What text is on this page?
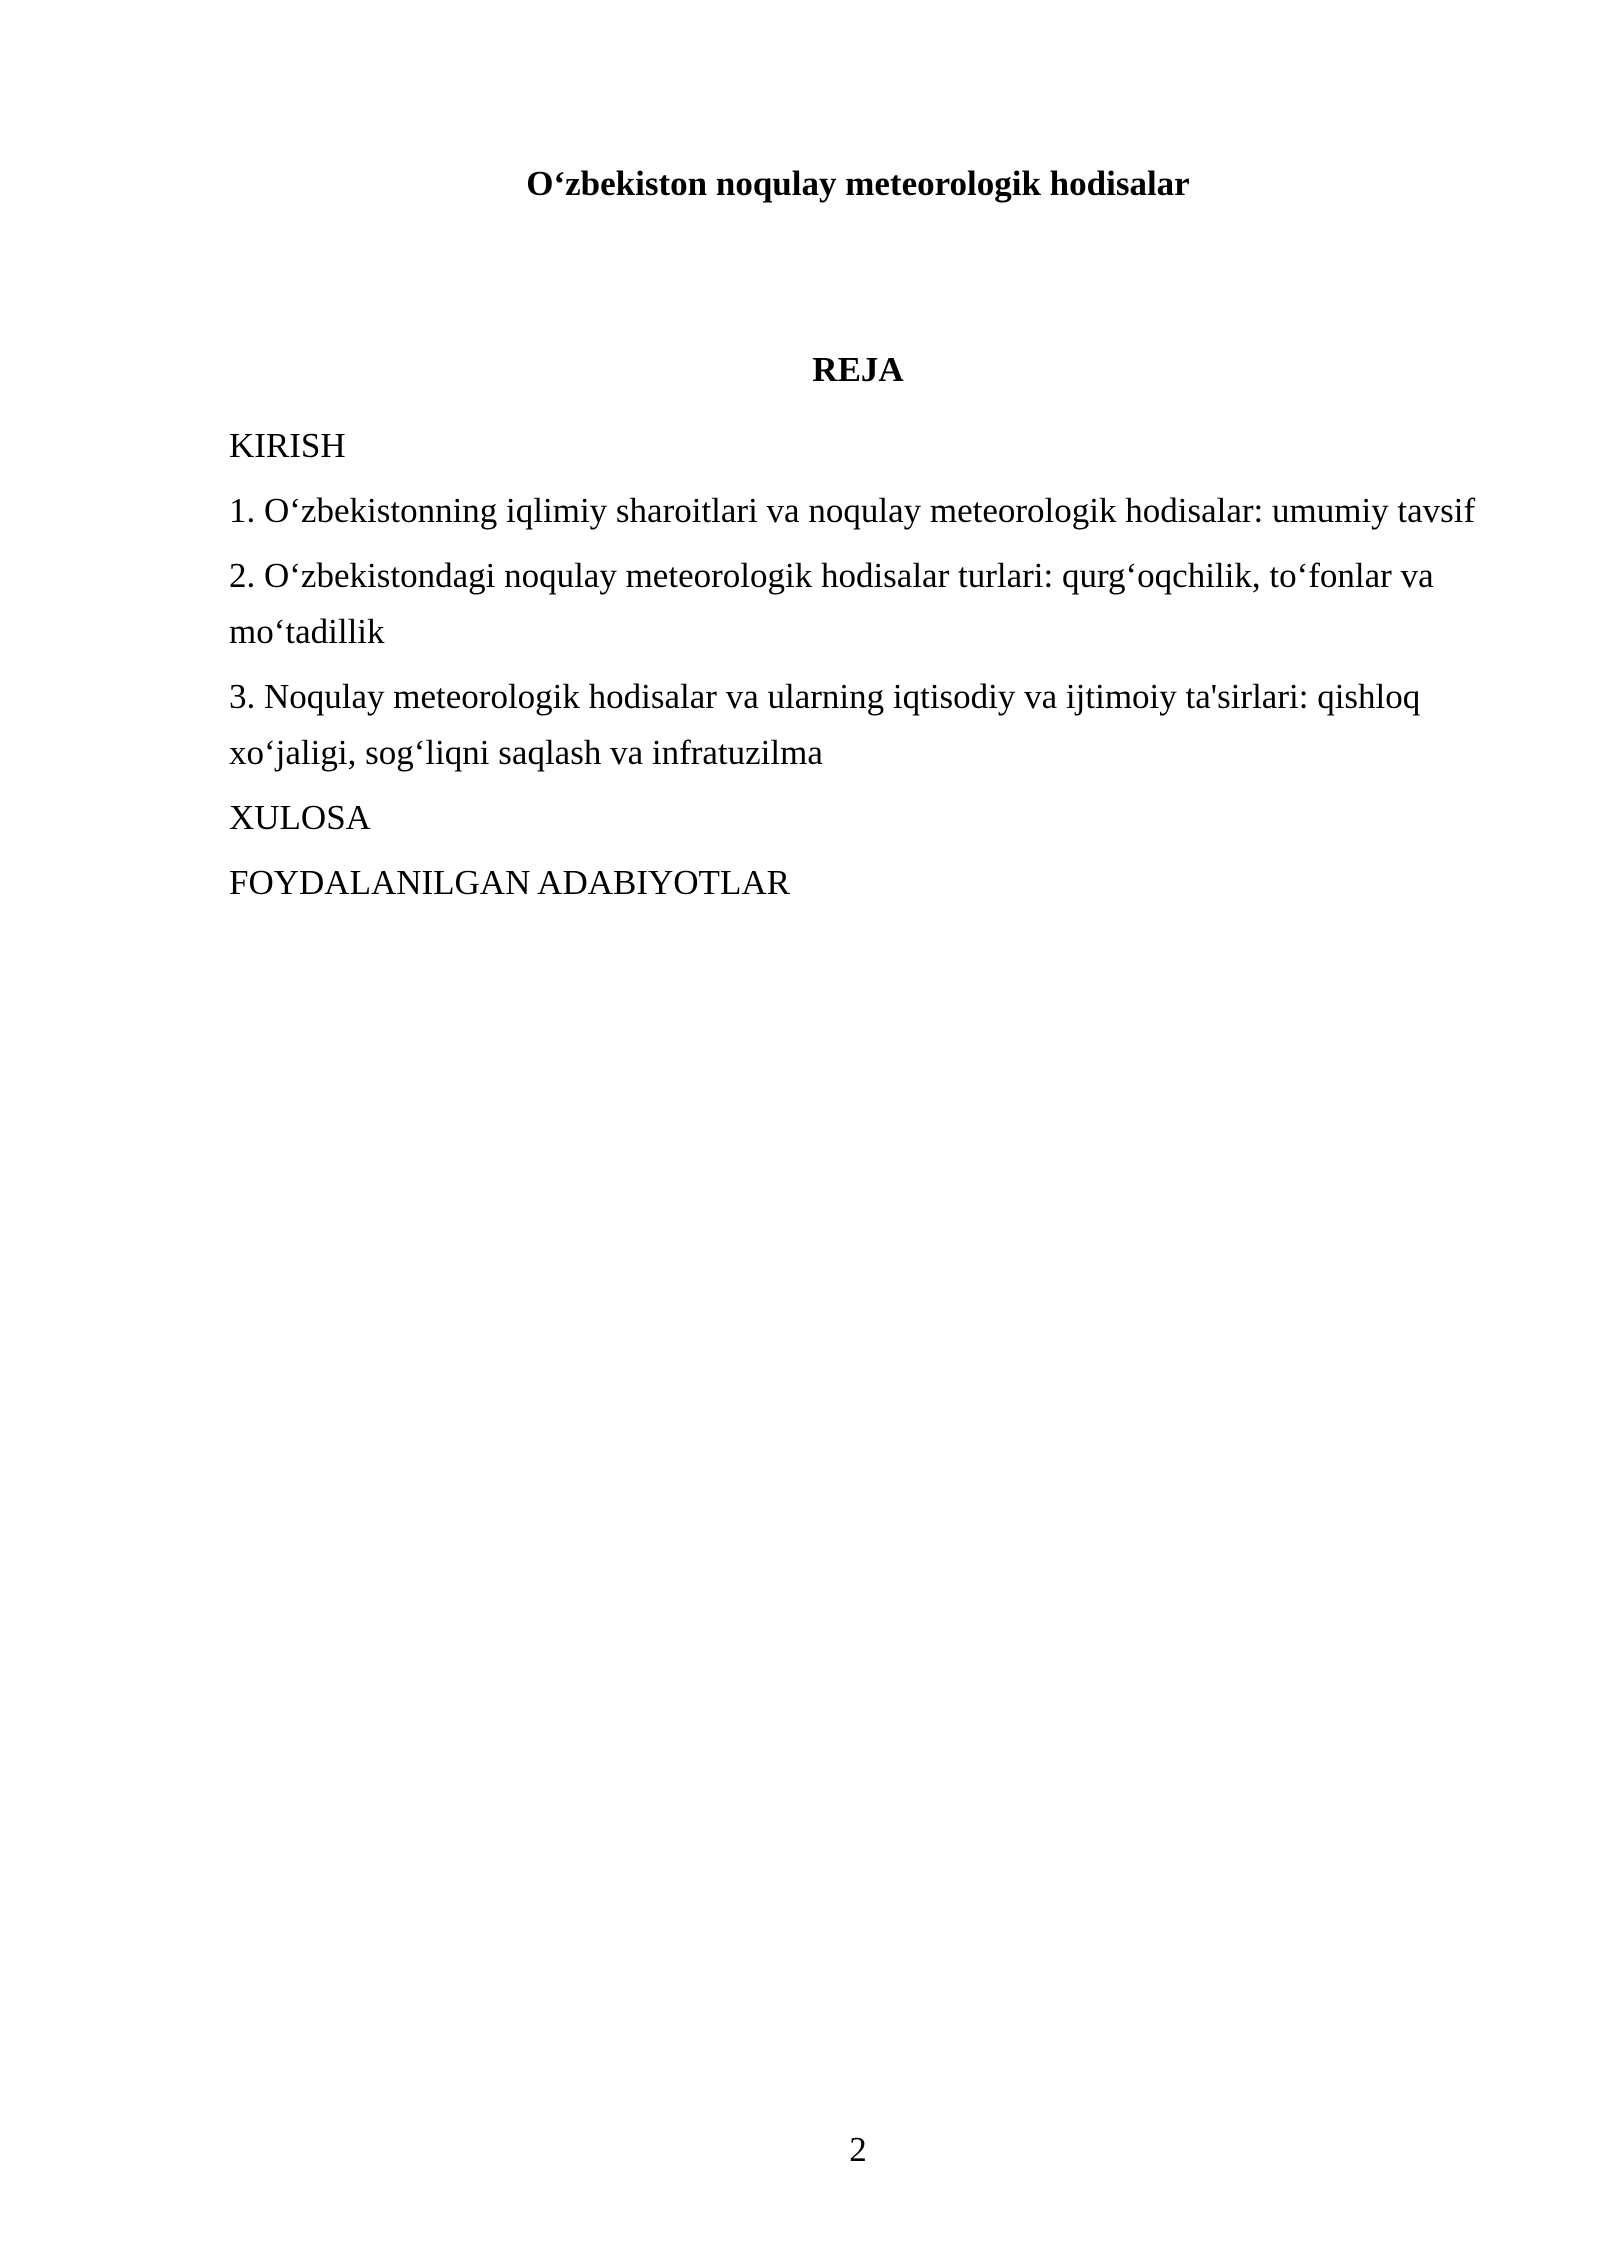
O‘zbekiston noqulay meteorologik hodisalar
REJA
KIRISH
1. O‘zbekistonning iqlimiy sharoitlari va noqulay meteorologik hodisalar: umumiy tavsif
2. O‘zbekistondagi noqulay meteorologik hodisalar turlari: qurg‘oqchilik, to‘fonlar va mo‘tadillik
3. Noqulay meteorologik hodisalar va ularning iqtisodiy va ijtimoiy ta'sirlari: qishloq xo‘jaligi, sog‘liqni saqlash va infratuzilma
XULOSA
FOYDALANILGAN ADABIYOTLAR
2
